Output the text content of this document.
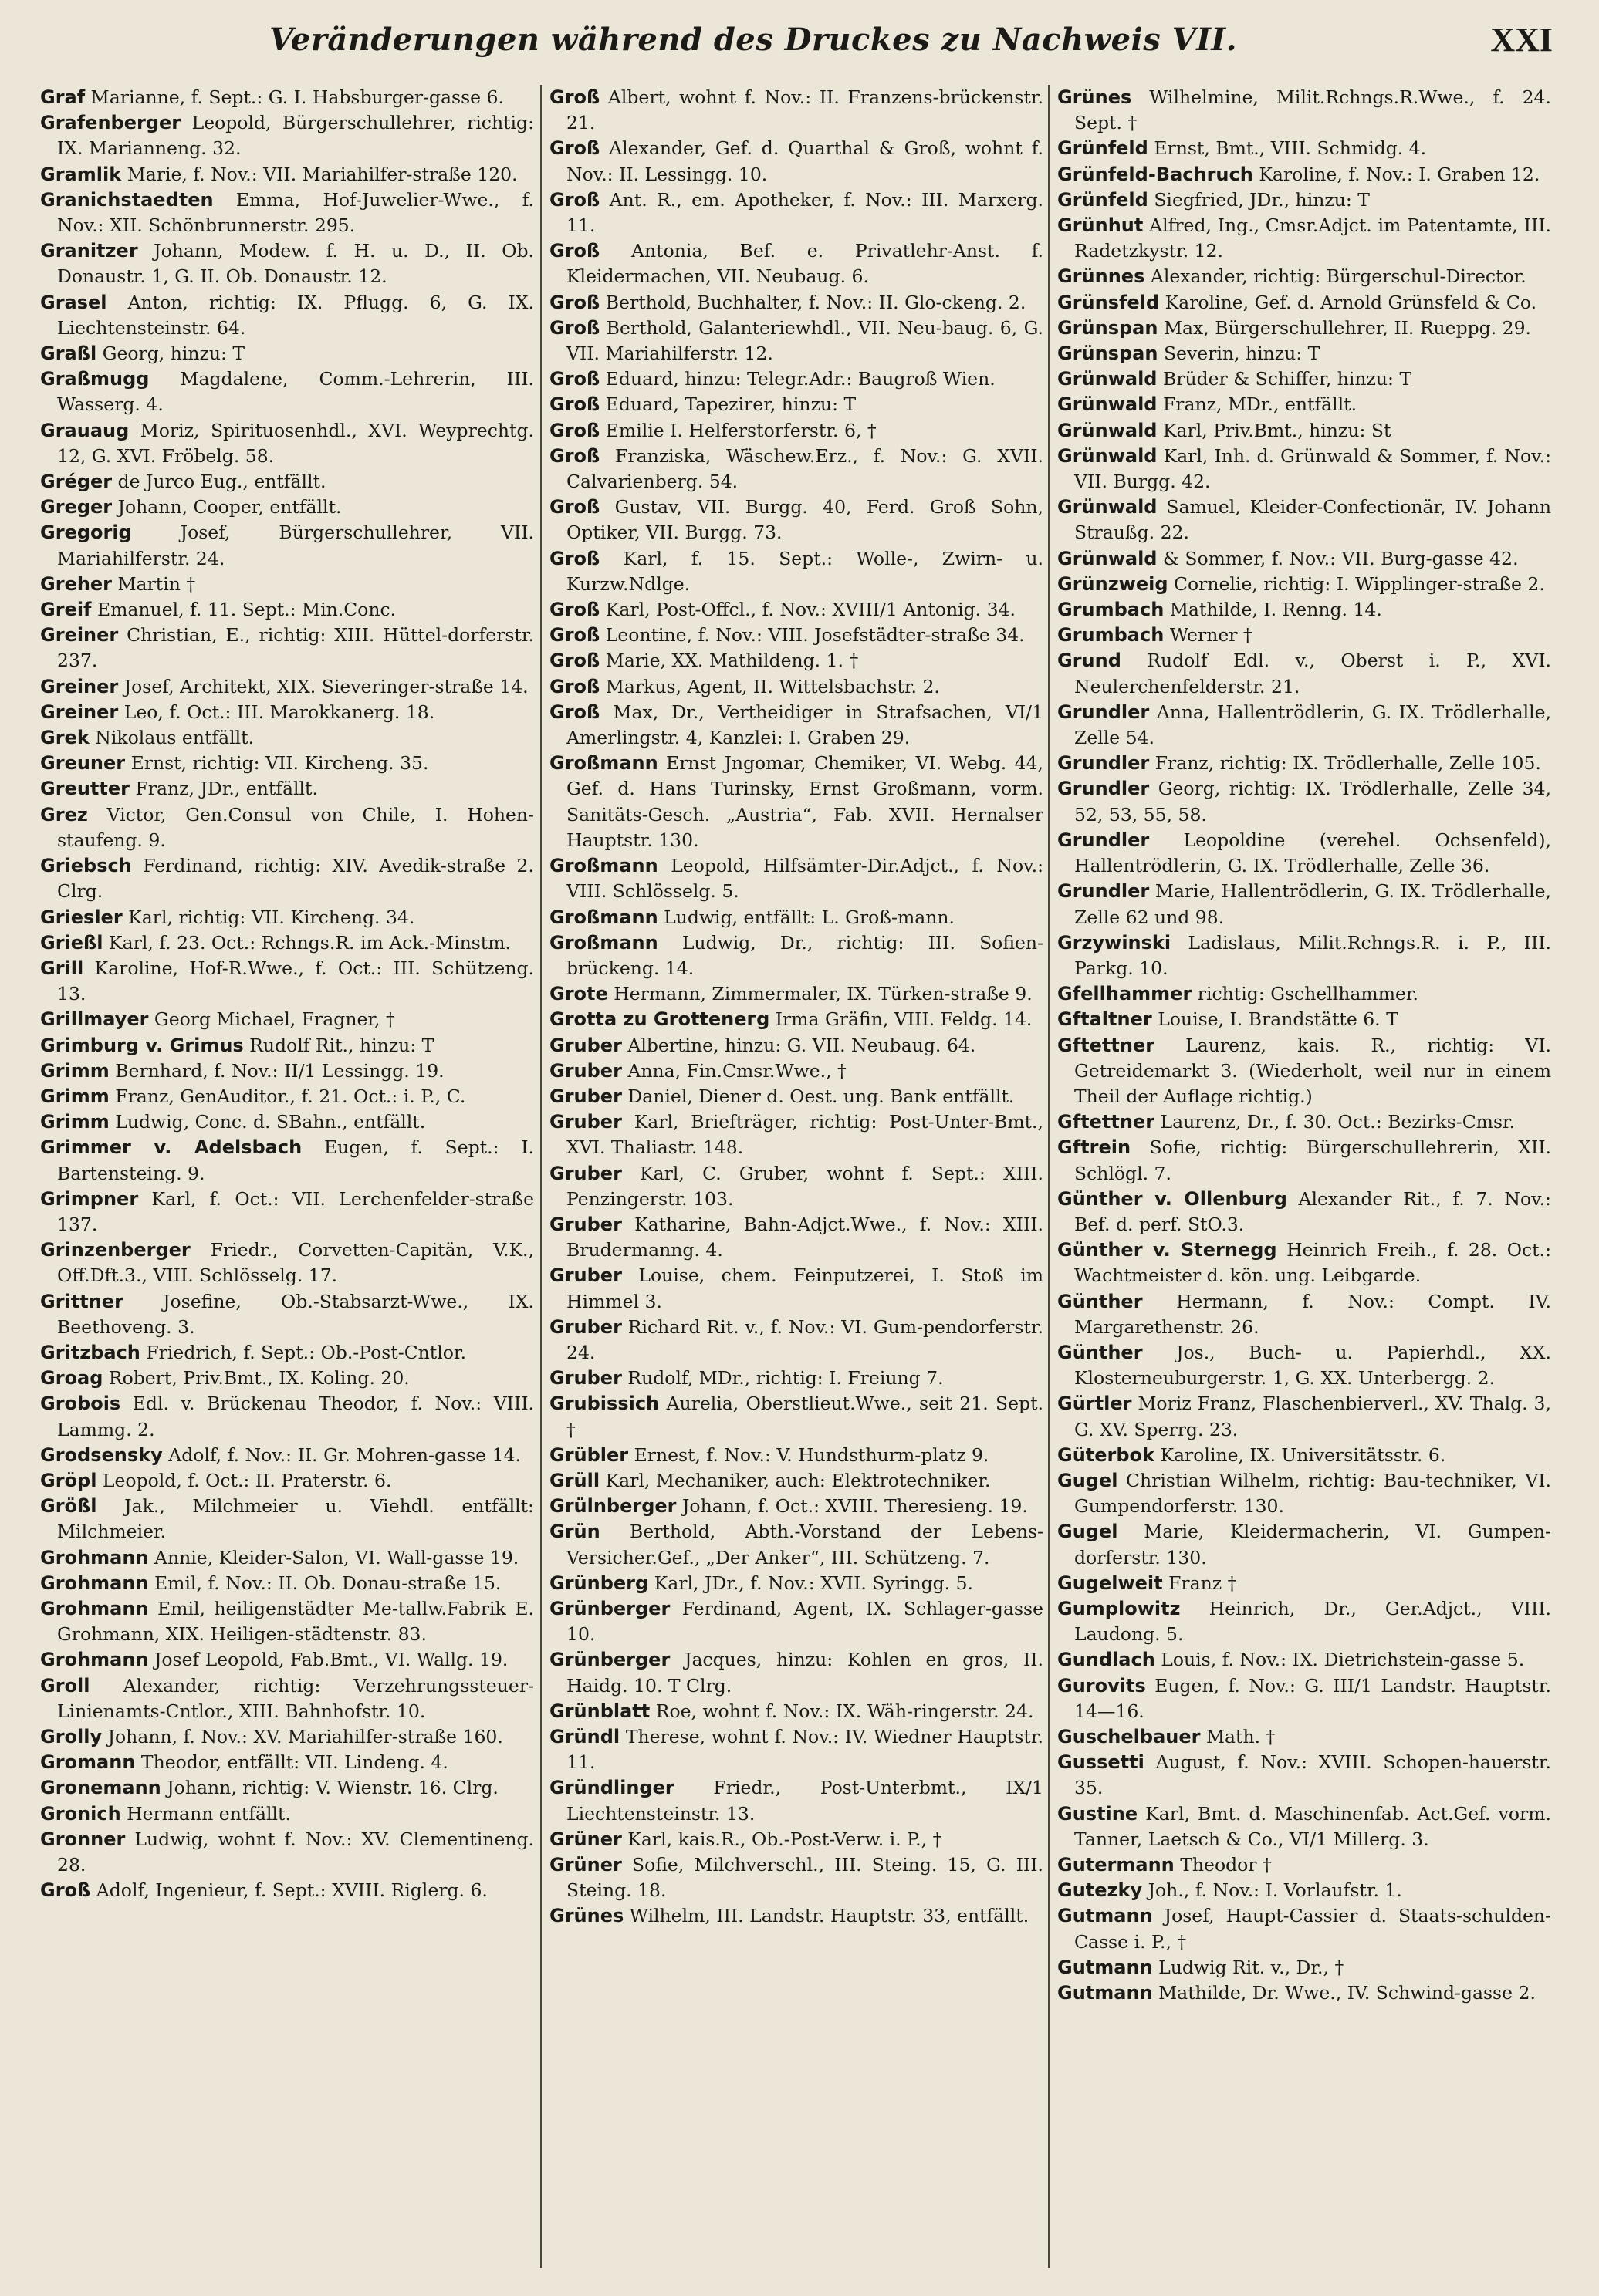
Veränderungen während des Druckes zu Nachweis VII.	XXI

Graf Marianne, f. Sept.: G. I. Habsburger-gasse 6.

Grafenberger Leopold, Bürgerschullehrer, richtig: IX. Marianneng. 32.

Gramlik Marie, f. Nov.: VII. Mariahilfer-straße 120.

Granichstaedten Emma, Hof-Juwelier-Wwe., f. Nov.: XII. Schönbrunnerstr. 295.

Granitzer Johann, Modew. f. H. u. D., II. Ob. Donaustr. 1, G. II. Ob. Donaustr. 12.

Grasel Anton, richtig: IX. Pflugg. 6, G. IX. Liechtensteinstr. 64.

Graßl Georg, hinzu: T

Graßmugg Magdalene, Comm.-Lehrerin, III. Wasserg. 4.

Grauaug Moriz, Spirituosenhdl., XVI. Weyprechtg. 12, G. XVI. Fröbelg. 58.

Gréger de Jurco Eug., entfällt.

Greger Johann, Cooper, entfällt.

Gregorig	Josef, Bürgerschullehrer, VII. Mariahilferstr. 24.

Greher Martin †

Greif Emanuel, f. 11. Sept.: Min.Conc.

Greiner Christian, E., richtig: XIII. Hüttel-dorferstr. 237.

Greiner Josef, Architekt, XIX. Sieveringer-straße 14.

Greiner Leo, f. Oct.: III. Marokkanerg. 18.

Grek Nikolaus entfällt.

Greuner Ernst, richtig: VII. Kircheng. 35.

Greutter Franz, JDr., entfällt.

Grez Victor, Gen.Consul von Chile, I. Hohen-staufeng. 9.

Griebsch Ferdinand, richtig: XIV. Avedik-straße 2. Clrg.

Griesler Karl, richtig: VII. Kircheng. 34.

Grießl Karl, f. 23. Oct.: Rchngs.R. im Ack.-Minstm.

Grill Karoline, Hof-R.Wwe., f. Oct.: III. Schützeng. 13.

Grillmayer Georg Michael, Fragner, †

Grimburg v. Grimus Rudolf Rit., hinzu: T

Grimm Bernhard, f. Nov.: II/1 Lessingg. 19.

Grimm Franz, GenAuditor., f. 21. Oct.: i. P., C.

Grimm Ludwig, Conc. d. SBahn., entfällt.

Grimmer v. Adelsbach Eugen, f. Sept.: I. Bartensteing. 9.

Grimpner Karl, f. Oct.: VII. Lerchenfelder-straße 137.

Grinzenberger Friedr., Corvetten-Capitän, V.K., Off.Dft.3., VIII. Schlösselg. 17.

Grittner Josefine, Ob.-Stabsarzt-Wwe., IX. Beethoveng. 3.

Gritzbach Friedrich, f. Sept.: Ob.-Post-Cntlor.

Groag Robert, Priv.Bmt., IX. Koling. 20.

Grobois Edl. v. Brückenau Theodor, f. Nov.: VIII. Lammg. 2.

Grodsensky Adolf, f. Nov.: II. Gr. Mohren-gasse 14.

Gröpl Leopold, f. Oct.: II. Praterstr. 6.

Größl Jak., Milchmeier u. Viehdl. entfällt: Milchmeier.

Grohmann Annie, Kleider-Salon, VI. Wall-gasse 19.

Grohmann Emil, f. Nov.: II. Ob. Donau-straße 15.

Grohmann Emil, heiligenstädter Me-tallw.Fabrik E. Grohmann, XIX. Heiligen-städtenstr. 83.

Grohmann Josef Leopold, Fab.Bmt., VI. Wallg. 19.

Groll Alexander, richtig: Verzehrungssteuer-Linienamts-Cntlor., XIII. Bahnhofstr. 10.

Grolly Johann, f. Nov.: XV. Mariahilfer-straße 160.

Gromann Theodor, entfällt: VII. Lindeng. 4.

Gronemann Johann, richtig: V. Wienstr. 16. Clrg.

Gronich Hermann entfällt.

Gronner Ludwig, wohnt f. Nov.: XV. Clementineng. 28.

Groß Adolf, Ingenieur, f. Sept.: XVIII. Riglerg. 6.

Groß Albert, wohnt f. Nov.: II. Franzens-brückenstr. 21.

Groß Alexander, Gef. d. Quarthal & Groß, wohnt f. Nov.: II. Lessingg. 10.

Groß Ant. R., em. Apotheker, f. Nov.: III. Marxerg. 11.

Groß Antonia, Bef. e. Privatlehr-Anst. f. Kleidermachen, VII. Neubaug. 6.

Groß Berthold, Buchhalter, f. Nov.: II. Glo-ckeng. 2.

Groß Berthold, Galanteriewhdl., VII. Neu-baug. 6, G. VII. Mariahilferstr. 12.

Groß Eduard, hinzu: Telegr.Adr.: Baugroß Wien.

Groß Eduard, Tapezirer, hinzu: T

Groß Emilie I. Helferstorferstr. 6, †

Groß Franziska, Wäschew.Erz., f. Nov.: G. XVII. Calvarienberg. 54.

Groß Gustav, VII. Burgg. 40, Ferd. Groß Sohn, Optiker, VII. Burgg. 73.

Groß Karl, f. 15. Sept.: Wolle-, Zwirn- u. Kurzw.Ndlge.

Groß Karl, Post-Offcl., f. Nov.: XVIII/1 Antonig. 34.

Groß Leontine, f. Nov.: VIII. Josefstädter-straße 34.

Groß Marie, XX. Mathildeng. 1. †

Groß Markus, Agent, II. Wittelsbachstr. 2.

Groß Max, Dr., Vertheidiger in Strafsachen, VI/1 Amerlingstr. 4, Kanzlei: I. Graben 29.

Großmann Ernst Jngomar, Chemiker, VI. Webg. 44, Gef. d. Hans Turinsky, Ernst Großmann, vorm. Sanitäts-Gesch. „Austria“, Fab. XVII. Hernalser Hauptstr. 130.

Großmann Leopold, Hilfsämter-Dir.Adjct., f. Nov.: VIII. Schlösselg. 5.

Großmann Ludwig, entfällt: L. Groß-mann.

Großmann Ludwig, Dr., richtig: III. Sofien-brückeng. 14.

Grote Hermann, Zimmermaler, IX. Türken-straße 9.

Grotta zu Grotteneгg Irma Gräfin, VIII. Feldg. 14.

Gruber Albertine, hinzu: G. VII. Neubaug. 64.

Gruber Anna, Fin.Cmsr.Wwe., †

Gruber Daniel, Diener d. Oest. ung. Bank entfällt.

Gruber Karl, Briefträger, richtig: Post-Unter-Bmt., XVI. Thaliastr. 148.

Gruber Karl, C. Gruber, wohnt f. Sept.: XIII. Penzingerstr. 103.

Gruber Katharine, Bahn-Adjct.Wwe., f. Nov.: XIII. Brudermanng. 4.

Gruber Louise, chem. Feinputzerei, I. Stoß im Himmel 3.

Gruber Richard Rit. v., f. Nov.: VI. Gum-pendorferstr. 24.

Gruber Rudolf, MDr., richtig: I. Freiung 7.

Grubissich Aurelia, Oberstlieut.Wwe., seit 21. Sept. †

Grübler Ernest, f. Nov.: V. Hundsthurm-platz 9.

Grüll Karl, Mechaniker, auch: Elektrotechniker.

Grülnberger Johann, f. Oct.: XVIII. Theresieng. 19.

Grün Berthold, Abth.-Vorstand der Lebens-Versicher.Gef., „Der Anker“, III. Schützeng. 7.

Grünberg Karl, JDr., f. Nov.: XVII. Syringg. 5.

Grünberger Ferdinand, Agent, IX. Schlager-gasse 10.

Grünberger Jacques, hinzu: Kohlen en gros, II. Haidg. 10. T Clrg.

Grünblatt Roe, wohnt f. Nov.: IX. Wäh-ringerstr. 24.

Gründl Therese, wohnt f. Nov.: IV. Wiedner Hauptstr. 11.

Gründlinger Friedr., Post-Unterbmt., IX/1 Liechtensteinstr. 13.

Grüner Karl, kais.R., Ob.-Post-Verw. i. P., †

Grüner Sofie, Milchverschl., III. Steing. 15, G. III. Steing. 18.

Grünes Wilhelm, III. Landstr. Hauptstr. 33, entfällt.

Grünes Wilhelmine, Milit.Rchngs.R.Wwe., f. 24. Sept. †

Grünfeld Ernst, Bmt., VIII. Schmidg. 4.

Grünfeld-Bachruch Karoline, f. Nov.: I. Graben 12.

Grünfeld Siegfried, JDr., hinzu: T

Grünhut Alfred, Ing., Cmsr.Adjct. im Patentamte, III. Radetzkystr. 12.

Grünnes Alexander, richtig: Bürgerschul-Director.

Grünsfeld Karoline, Gef. d. Arnold Grünsfeld & Co.

Grünspan Max, Bürgerschullehrer, II. Rueppg. 29.

Grünspan Severin, hinzu: T

Grünwald Brüder & Schiffer, hinzu: T

Grünwald Franz, MDr., entfällt.

Grünwald Karl, Priv.Bmt., hinzu: St

Grünwald Karl, Inh. d. Grünwald & Sommer, f. Nov.: VII. Burgg. 42.

Grünwald Samuel, Kleider-Confectionär, IV. Johann Straußg. 22.

Grünwald & Sommer, f. Nov.: VII. Burg-gasse 42.

Grünzweig Cornelie, richtig: I. Wipplinger-straße 2.

Grumbach Mathilde, I. Renng. 14.

Grumbach Werner †

Grund Rudolf Edl. v., Oberst i. P., XVI. Neulerchenfelderstr. 21.

Grundler Anna, Hallentrödlerin, G. IX. Trödlerhalle, Zelle 54.

Grundler Franz, richtig: IX. Trödlerhalle, Zelle 105.

Grundler Georg, richtig: IX. Trödlerhalle, Zelle 34, 52, 53, 55, 58.

Grundler Leopoldine (verehel. Ochsenfeld), Hallentrödlerin, G. IX. Trödlerhalle, Zelle 36.

Grundler Marie, Hallentrödlerin, G. IX. Trödlerhalle, Zelle 62 und 98.

Grzywinski Ladislaus, Milit.Rchngs.R. i. P., III. Parkg. 10.

Gfellhammer richtig: Gschellhammer.

Gftaltner Louise, I. Brandstätte 6. T

Gftettner Laurenz, kais. R., richtig: VI. Getreidemarkt 3. (Wiederholt, weil nur in einem Theil der Auflage richtig.)

Gftettner Laurenz, Dr., f. 30. Oct.: Bezirks-Cmsr.

Gftrein Sofie, richtig: Bürgerschullehrerin, XII. Schlögl. 7.

Günther v. Ollenburg Alexander Rit., f. 7. Nov.: Bef. d. perf. StO.3.

Günther v. Sternegg Heinrich Freih., f. 28. Oct.: Wachtmeister d. kön. ung. Leibgarde.

Günther Hermann, f. Nov.: Compt. IV. Margarethenstr. 26.

Günther Jos., Buch- u. Papierhdl., XX. Klosterneuburgerstr. 1, G. XX. Unterbergg. 2.

Gürtler Moriz Franz, Flaschenbierverl., XV. Thalg. 3, G. XV. Sperrg. 23.

Güterbok Karoline, IX. Universitätsstr. 6.

Gugel Christian Wilhelm, richtig: Bau-techniker, VI. Gumpendorferstr. 130.

Gugel Marie, Kleidermacherin, VI. Gumpen-dorferstr. 130.

Gugelweit Franz †

Gumplowitz Heinrich, Dr., Ger.Adjct., VIII. Laudong. 5.

Gundlach Louis, f. Nov.: IX. Dietrichstein-gasse 5.

Gurovits Eugen, f. Nov.: G. III/1 Landstr. Hauptstr. 14—16.

Guschelbauer Math. †

Gussetti August, f. Nov.: XVIII. Schopen-hauerstr. 35.

Gustine Karl, Bmt. d. Maschinenfab. Act.Gef. vorm. Tanner, Laetsch & Co., VI/1 Millerg. 3.

Gutermann Theodor †

Gutezky Joh., f. Nov.: I. Vorlaufstr. 1.

Gutmann Josef, Haupt-Cassier d. Staats-schulden-Casse i. P., †

Gutmann Ludwig Rit. v., Dr., †

Gutmann Mathilde, Dr. Wwe., IV. Schwind-gasse 2.
